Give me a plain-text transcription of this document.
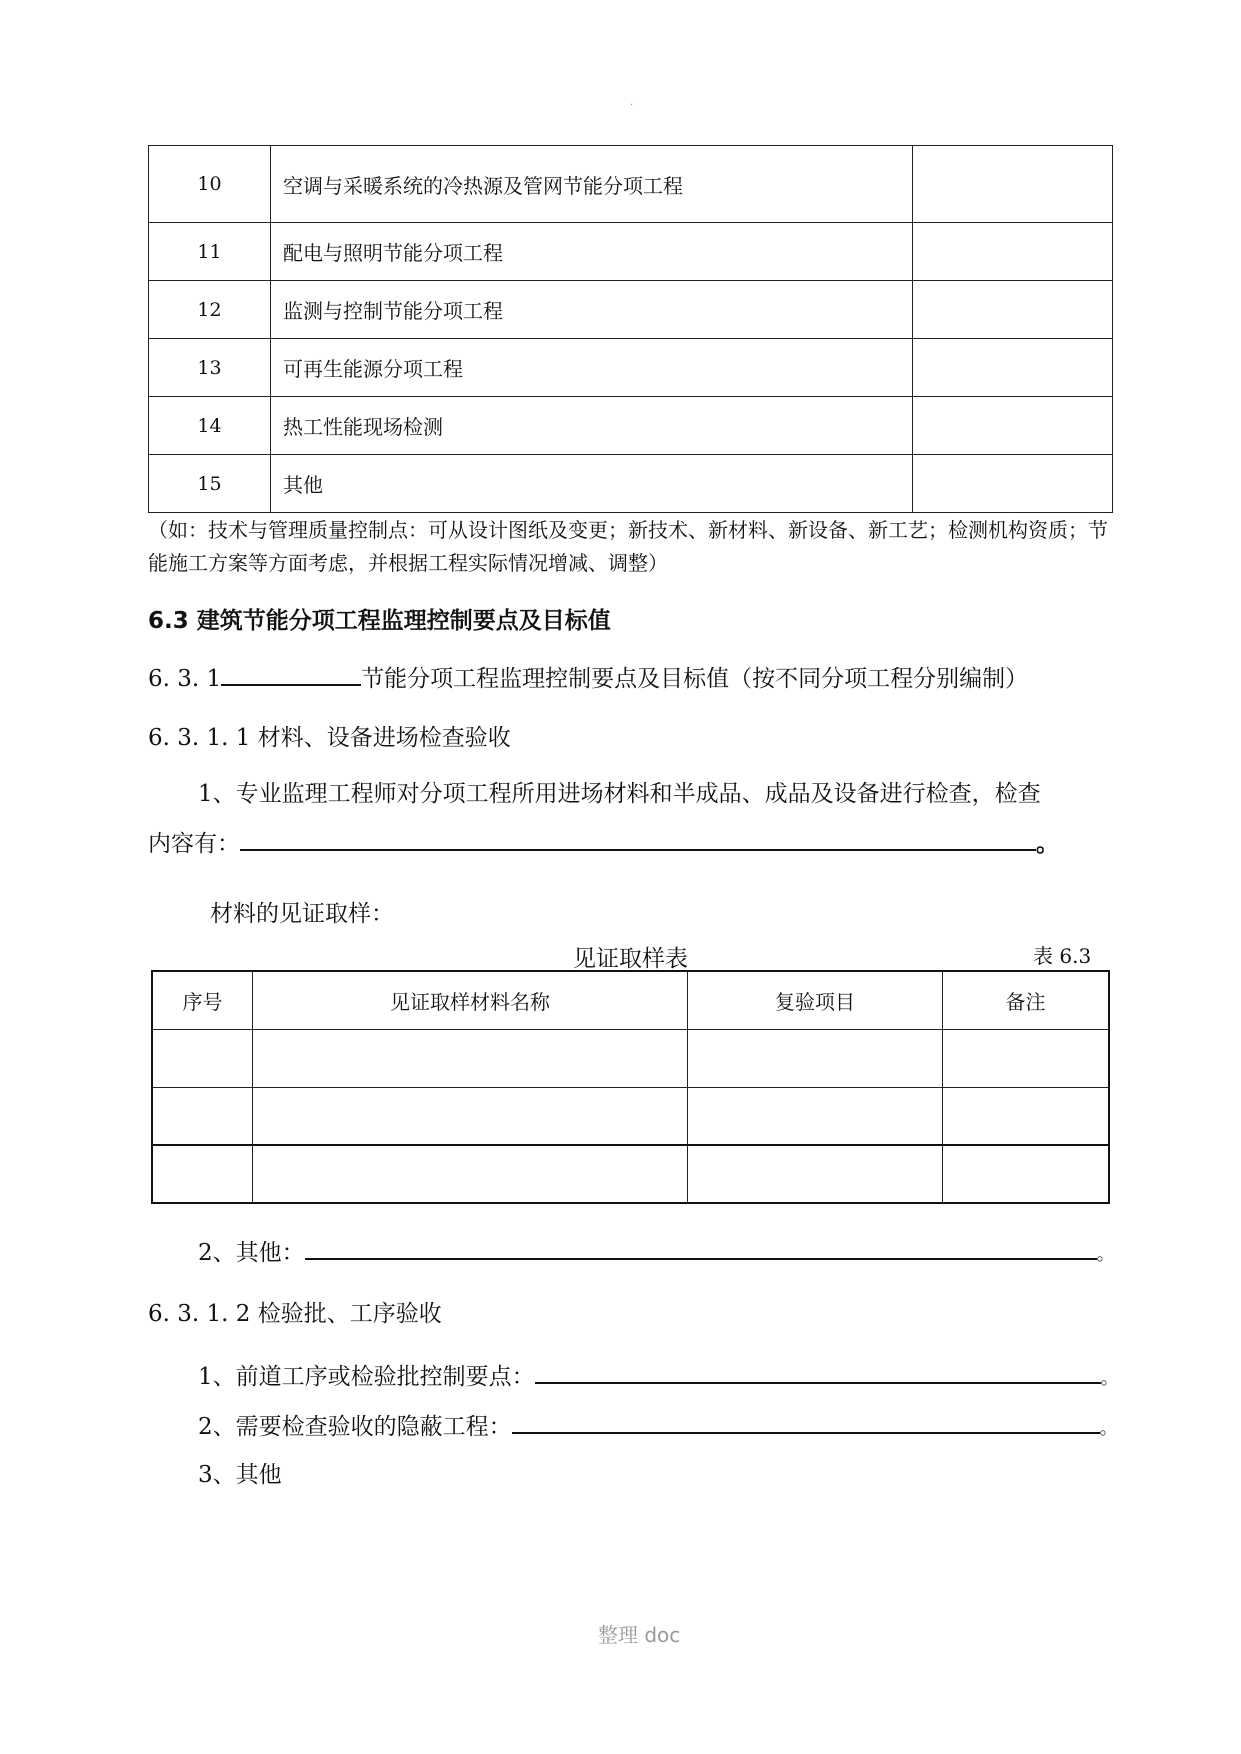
·
10	空调与采暖系统的冷热源及管网节能分项工程	
11	配电与照明节能分项工程	
12	监测与控制节能分项工程	
13	可再生能源分项工程	
14	热工性能现场检测	
15	其他	
（如：技术与管理质量控制点：可从设计图纸及变更；新技术、新材料、新设备、新工艺；检测机构资质；节能施工方案等方面考虑，并根据工程实际情况增减、调整）
6.3 建筑节能分项工程监理控制要点及目标值
6. 3. 1	节能分项工程监理控制要点及目标值（按不同分项工程分别编制）
6. 3. 1. 1 材料、设备进场检查验收
1、专业监理工程师对分项工程所用进场材料和半成品、成品及设备进行检查，检查
内容有：	。
材料的见证取样：
见证取样表	表 6.3
序号	见证取样材料名称	复验项目	备注

2、其他：	。
6. 3. 1. 2 检验批、工序验收
1、前道工序或检验批控制要点：	。
2、需要检查验收的隐蔽工程：	。
3、其他
整理 doc
